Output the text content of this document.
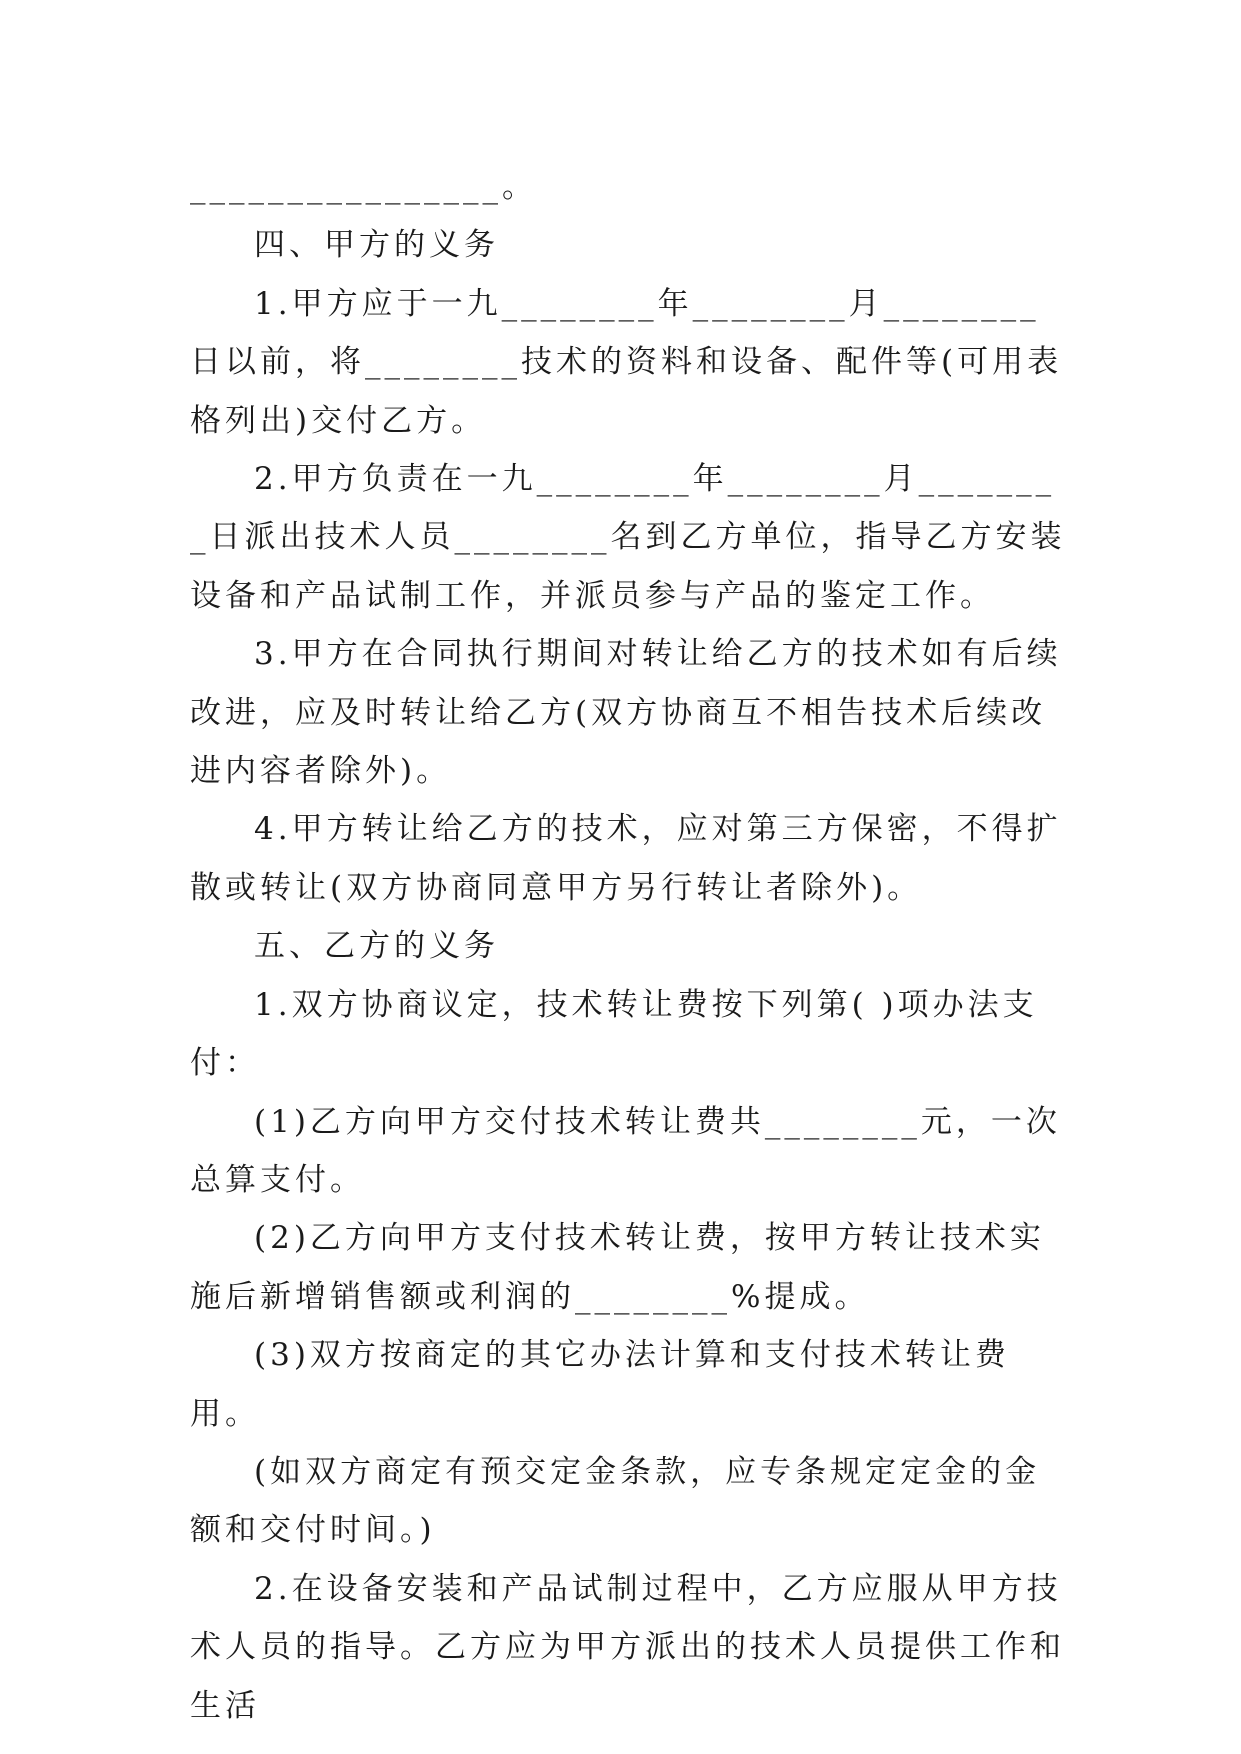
________________。

四、甲方的义务

1.甲方应于一九________年________月________日以前，将________技术的资料和设备、配件等(可用表格列出)交付乙方。

2.甲方负责在一九________年________月________日派出技术人员________名到乙方单位，指导乙方安装设备和产品试制工作，并派员参与产品的鉴定工作。

3.甲方在合同执行期间对转让给乙方的技术如有后续改进，应及时转让给乙方(双方协商互不相告技术后续改进内容者除外)。

4.甲方转让给乙方的技术，应对第三方保密，不得扩散或转让(双方协商同意甲方另行转让者除外)。

五、乙方的义务

1.双方协商议定，技术转让费按下列第( )项办法支付：

(1)乙方向甲方交付技术转让费共________元，一次总算支付。

(2)乙方向甲方支付技术转让费，按甲方转让技术实施后新增销售额或利润的________%提成。

(3)双方按商定的其它办法计算和支付技术转让费用。

(如双方商定有预交定金条款，应专条规定定金的金额和交付时间。)

2.在设备安装和产品试制过程中，乙方应服从甲方技术人员的指导。乙方应为甲方派出的技术人员提供工作和生活
